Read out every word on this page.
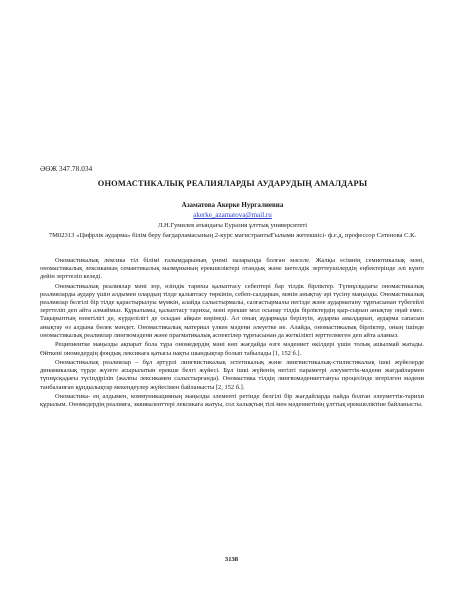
ӘӨЖ 347.78.034
ОНОМАСТИКАЛЫҚ РЕАЛИЯЛАРДЫ АУДАРУДЫҢ АМАЛДАРЫ
Азаматова Акерке Нургалиевна
akerke_azamatova@mail.ru
Л.Н.Гумилев атындағы Еуразия ұлттық университеті
7M02313 «Цифрлік аударма» білім беру бағдарламасының 2-курс магистрантыҒылыми жетекшісі- ф.ғ.д, профессор Сәтенова С.К.

Ономастикалық лексика тіл білімі ғалымдарының үнемі назарында болған мәселе. Жалқы есімнің семиотикалық мәні, ономастикалық лексиканың семантикалық мазмұнының ерекшеліктері отандық және шетелдік зерттеушілердің еңбектерінде әлі күнге дейін зерттеліп келеді.

Ономастикалық реалиялар мәні зор, өзіндік тарихы қалыптасу себептері бар тілдік бірліктер. Түпнұсқадағы ономастикалық реалияларды аудару үшін алдымен олардың тілде қалыптасу төркінін, себеп-салдарын, мәнін анықтау әрі түсіну маңызды. Ономастикалық реалиялар белгілі бір тілде қарастырылуы мүмкін, алайда салыстырмалы, салғастырмалы негізде және аударматану тұрғысынан түбегейлі зерттеліп деп айта алмаймыз. Құрылымы, қалыптасу тарихы, мәні ерекше мол осынау тілдік бірліктердің қыр-сырын анықтау оңай емес. Тақырыптың өзектілігі де, күрделілігі де осыдан айқын көрінеді. Ал оның аудармада берілуін, аударма амалдарын, аударма сапасын анықтау өз алдына бөлек мәндет. Ономастикалық материал үлкен мәдени әлеуетке ие. Алайда, ономастикалық бірліктер, оның ішінде ономастикалық реалиялар лингвомәдени және прагматикалық аспектілер тұрғысынан да жеткілікті зерттелмеген деп айта аламыз.

Реципиентке маңызды ақпарат бола тұра ономедердің мәні көп жағдайда өзге мәдениет өкілдері үшін толық ашылмай жатады. Өйткені ономедердің фондық лексикаға қатысы нақты шындықтар болып табылады [1, 152 б.].

Ономастикалық реалиялар – бұл әртүрлі лингвистикалық эстетикалық және лингвистикалық-стилистикалық ішкі жүйелерде динамикалық түрде жүзеге асырылатын ерекше белгі жүйесі. Бұл ішкі жүйенің негізгі параметрі әлеуметтік-мәдени жағдайлармен түпнұсқадағы түсіндіріліп (жалпы лексикамен салыстырғанда). Ономастика тілдің лингвомәдениеттануы процесінде игерілген мәдени танбаланған құндылықтар мекендеулер жүйесімен байланысты [2, 152 б.].

Ономастика- ең алдымен, коммуникацияның маңызды элементі ретінде белгілі бір жағдайларда пайда болған әлеуметтік-тарихи құрылым. Ономедердің реалияға, эквиваленттері лексикаға жатуы, сол халықтың тілі мен мәдениетінің ұлттық ерекшеліктіне байланысты.

3138
